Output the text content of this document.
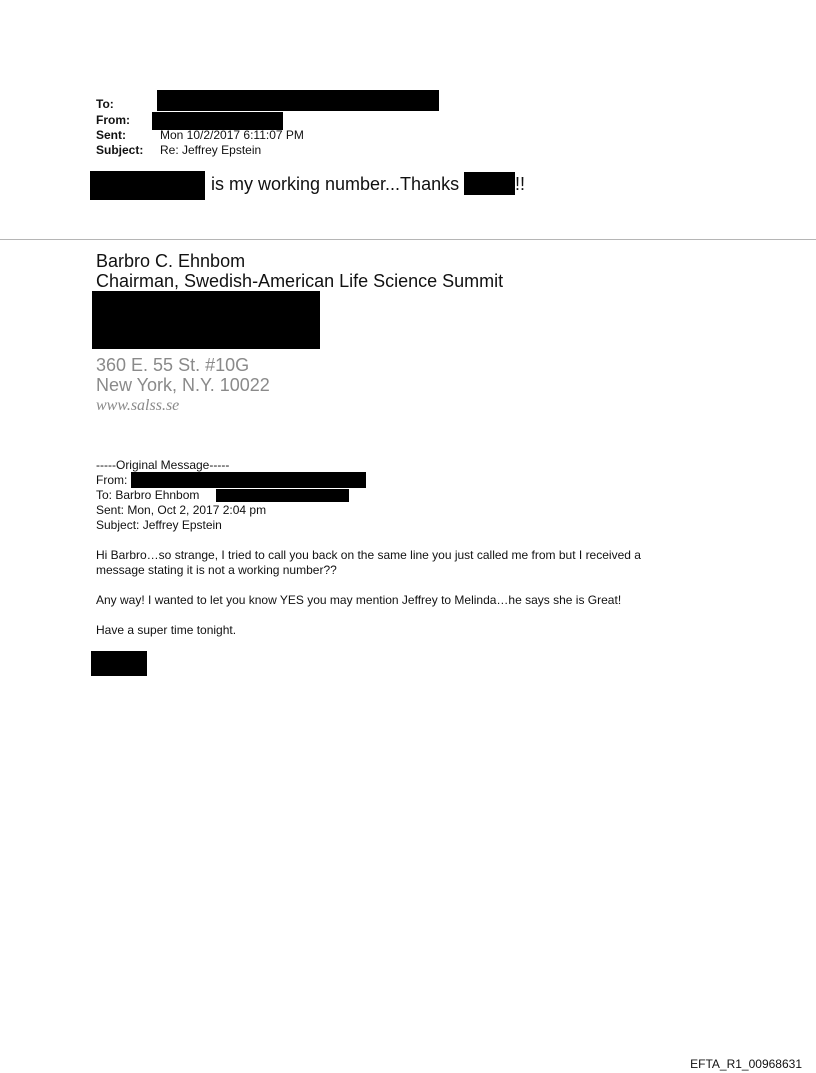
To:
From:
Sent:	Mon 10/2/2017 6:11:07 PM
Subject: Re: Jeffrey Epstein
is my working number...Thanks	!!
Barbro C. Ehnbom
Chairman, Swedish-American Life Science Summit
360 E. 55 St. #10G
New York, N.Y. 10022
www.salss.se
-----Original Message-----
From:
To: Barbro Ehnbom
Sent: Mon, Oct 2, 2017 2:04 pm
Subject: Jeffrey Epstein
Hi Barbro…so strange, I tried to call you back on the same line you just called me from but I received a
message stating it is not a working number??
Any way! I wanted to let you know YES you may mention Jeffrey to Melinda…he says she is Great!
Have a super time tonight.
EFTA_R1_00968631
